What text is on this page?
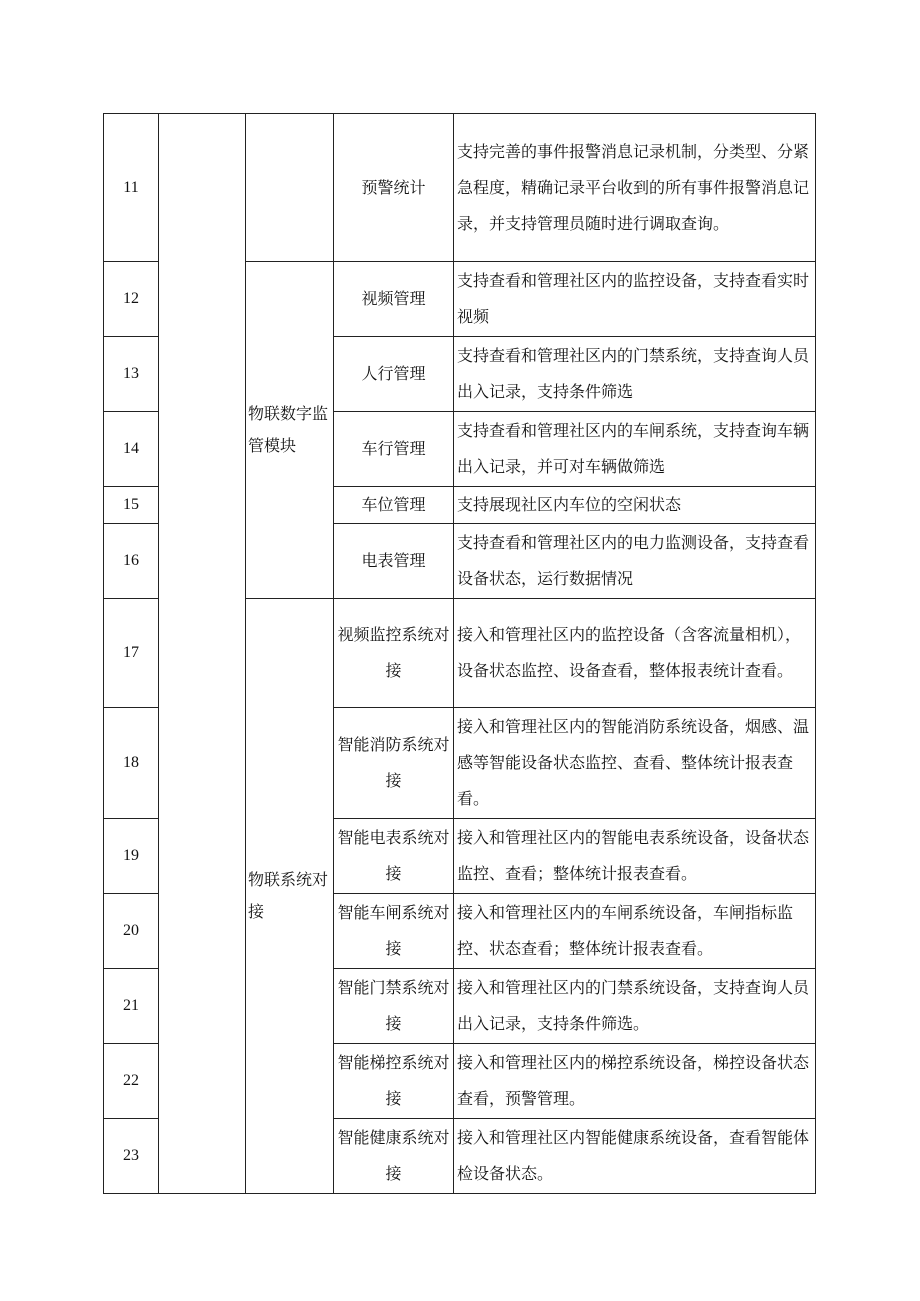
11			预警统计	支持完善的事件报警消息记录机制，分类型、分紧急程度，精确记录平台收到的所有事件报警消息记录，并支持管理员随时进行调取查询。
12		物联数字监管模块	视频管理	支持查看和管理社区内的监控设备，支持查看实时视频
13			人行管理	支持查看和管理社区内的门禁系统，支持查询人员出入记录，支持条件筛选
14			车行管理	支持查看和管理社区内的车闸系统，支持查询车辆出入记录，并可对车辆做筛选
15			车位管理	支持展现社区内车位的空闲状态
16			电表管理	支持查看和管理社区内的电力监测设备，支持查看设备状态，运行数据情况
17		物联系统对接	视频监控系统对接	接入和管理社区内的监控设备（含客流量相机），设备状态监控、设备查看，整体报表统计查看。
18			智能消防系统对接	接入和管理社区内的智能消防系统设备，烟感、温感等智能设备状态监控、查看、整体统计报表查看。
19			智能电表系统对接	接入和管理社区内的智能电表系统设备，设备状态监控、查看；整体统计报表查看。
20			智能车闸系统对接	接入和管理社区内的车闸系统设备，车闸指标监控、状态查看；整体统计报表查看。
21			智能门禁系统对接	接入和管理社区内的门禁系统设备，支持查询人员出入记录，支持条件筛选。
22			智能梯控系统对接	接入和管理社区内的梯控系统设备，梯控设备状态查看，预警管理。
23			智能健康系统对接	接入和管理社区内智能健康系统设备，查看智能体检设备状态。
